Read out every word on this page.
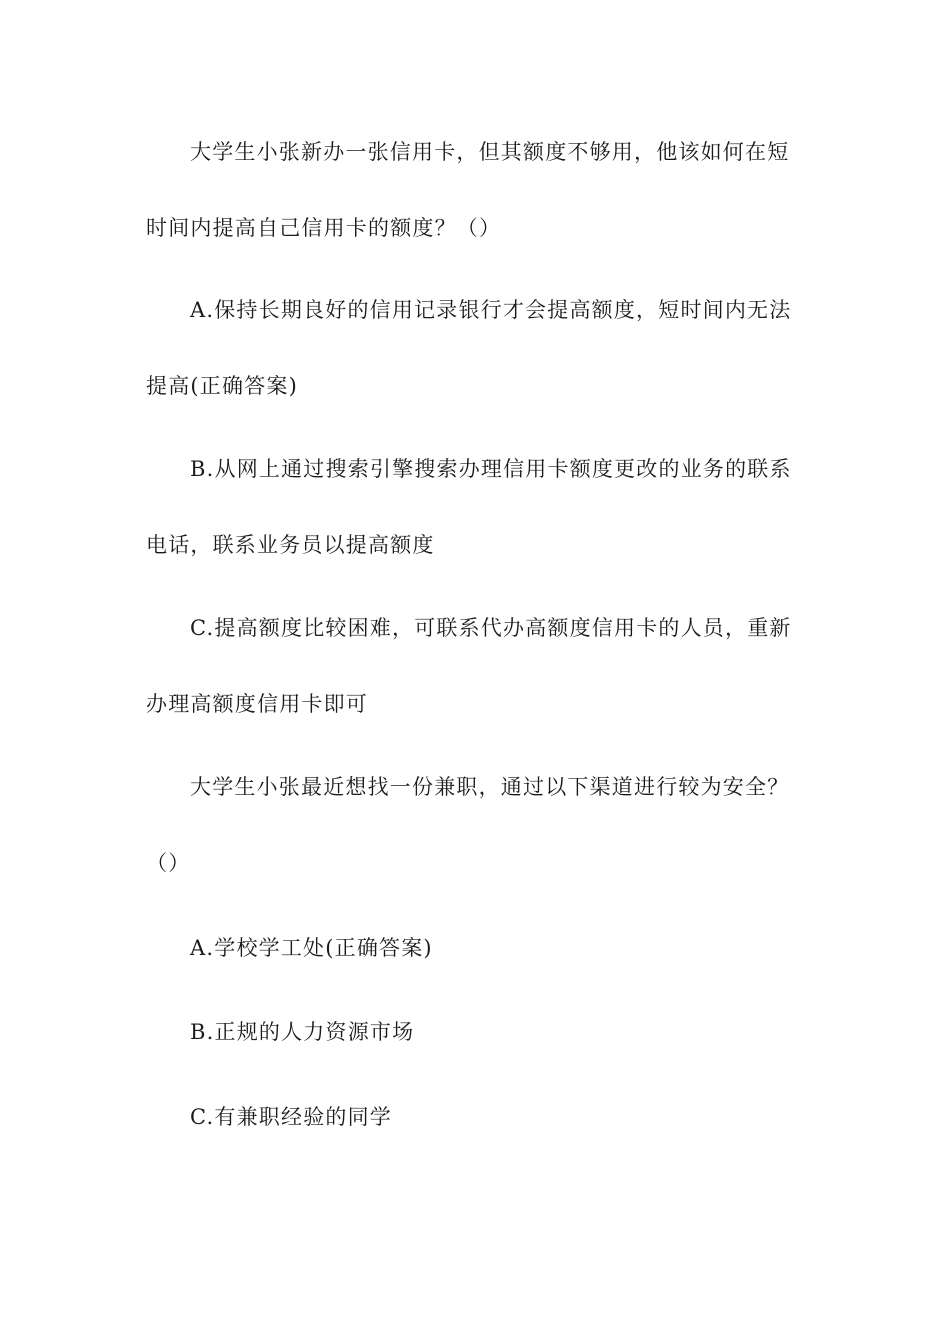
大学生小张新办一张信用卡，但其额度不够用，他该如何在短
时间内提高自己信用卡的额度？（）
A.保持长期良好的信用记录银行才会提高额度，短时间内无法
提高(正确答案)
B.从网上通过搜索引擎搜索办理信用卡额度更改的业务的联系
电话，联系业务员以提高额度
C.提高额度比较困难，可联系代办高额度信用卡的人员，重新
办理高额度信用卡即可
大学生小张最近想找一份兼职，通过以下渠道进行较为安全？
（）
A.学校学工处(正确答案)
B.正规的人力资源市场
C.有兼职经验的同学
